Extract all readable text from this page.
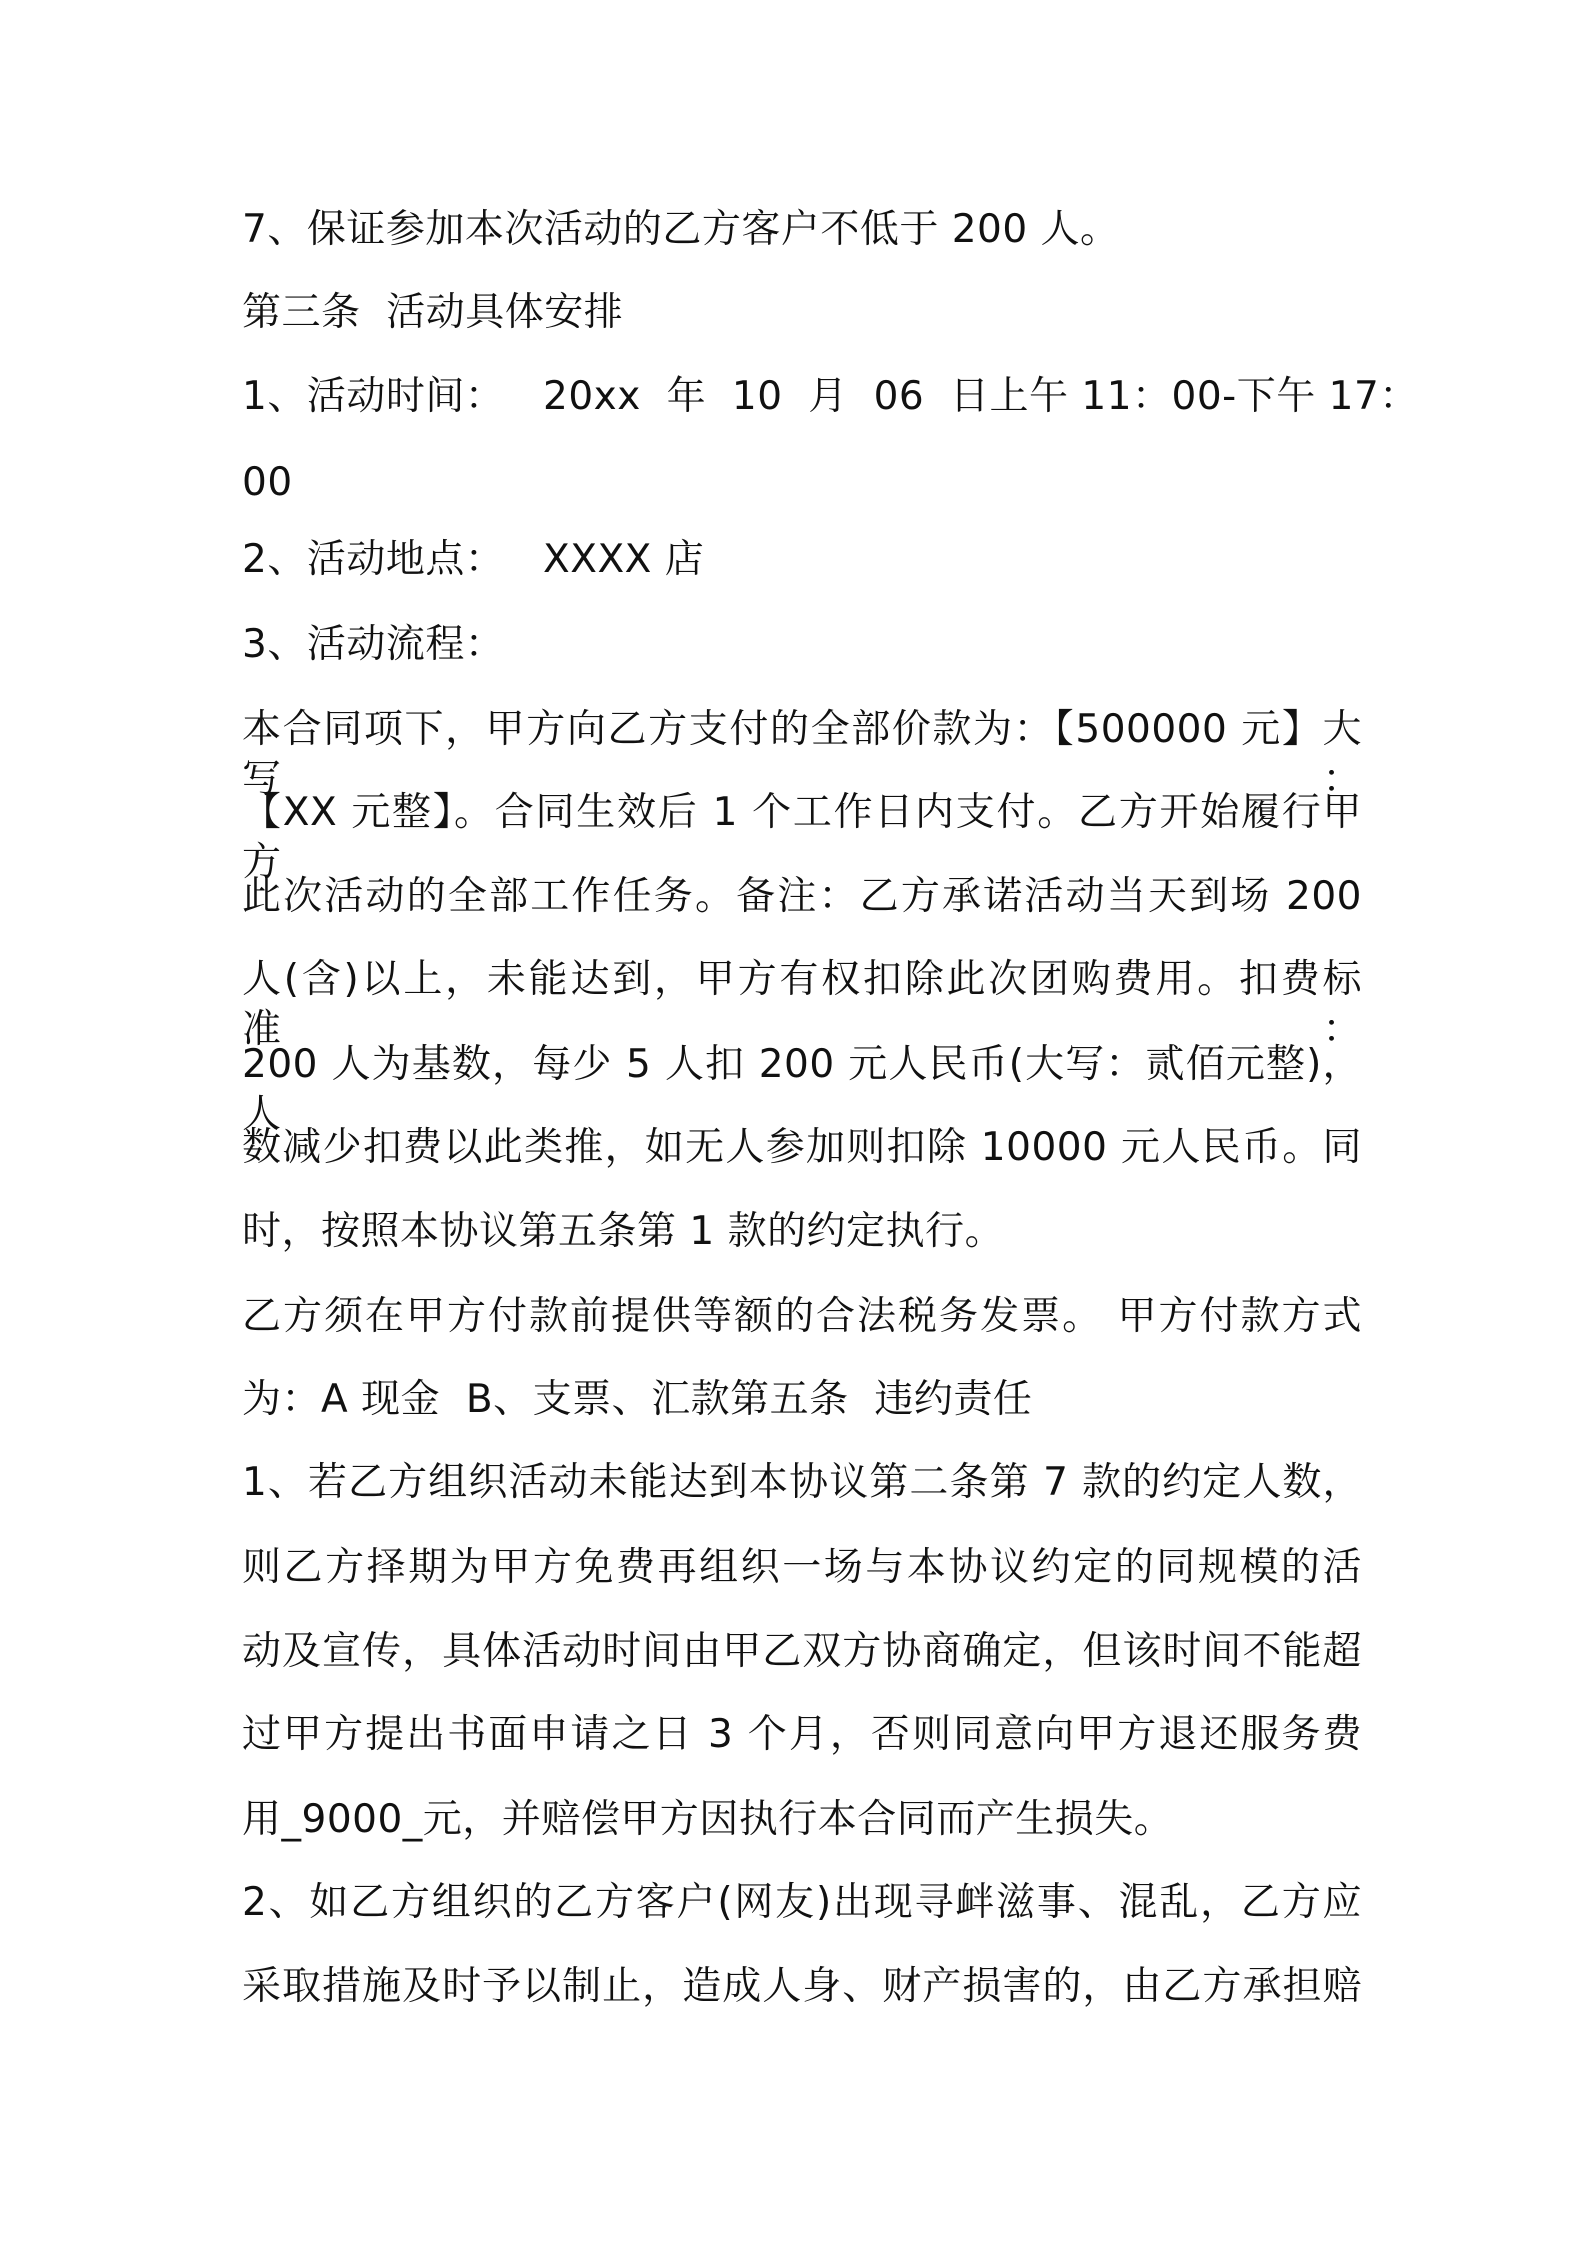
7、保证参加本次活动的乙方客户不低于 200 人。
第三条  活动具体安排
1、活动时间：   20xx  年  10  月  06  日上午 11：00-下午 17：
00
2、活动地点：   XXXX 店
3、活动流程：
本合同项下，甲方向乙方支付的全部价款为：【500000 元】大写：
【XX 元整】。合同生效后 1 个工作日内支付。乙方开始履行甲方
此次活动的全部工作任务。备注：乙方承诺活动当天到场 200
人(含)以上，未能达到，甲方有权扣除此次团购费用。扣费标准：
200 人为基数，每少 5 人扣 200 元人民币(大写：贰佰元整)，人
数减少扣费以此类推，如无人参加则扣除 10000 元人民币。同
时，按照本协议第五条第 1 款的约定执行。
乙方须在甲方付款前提供等额的合法税务发票。 甲方付款方式
为：A 现金  B、支票、汇款第五条  违约责任
1、若乙方组织活动未能达到本协议第二条第 7 款的约定人数，
则乙方择期为甲方免费再组织一场与本协议约定的同规模的活
动及宣传，具体活动时间由甲乙双方协商确定，但该时间不能超
过甲方提出书面申请之日 3 个月，否则同意向甲方退还服务费
用_9000_元，并赔偿甲方因执行本合同而产生损失。
2、如乙方组织的乙方客户(网友)出现寻衅滋事、混乱，乙方应
采取措施及时予以制止，造成人身、财产损害的，由乙方承担赔
